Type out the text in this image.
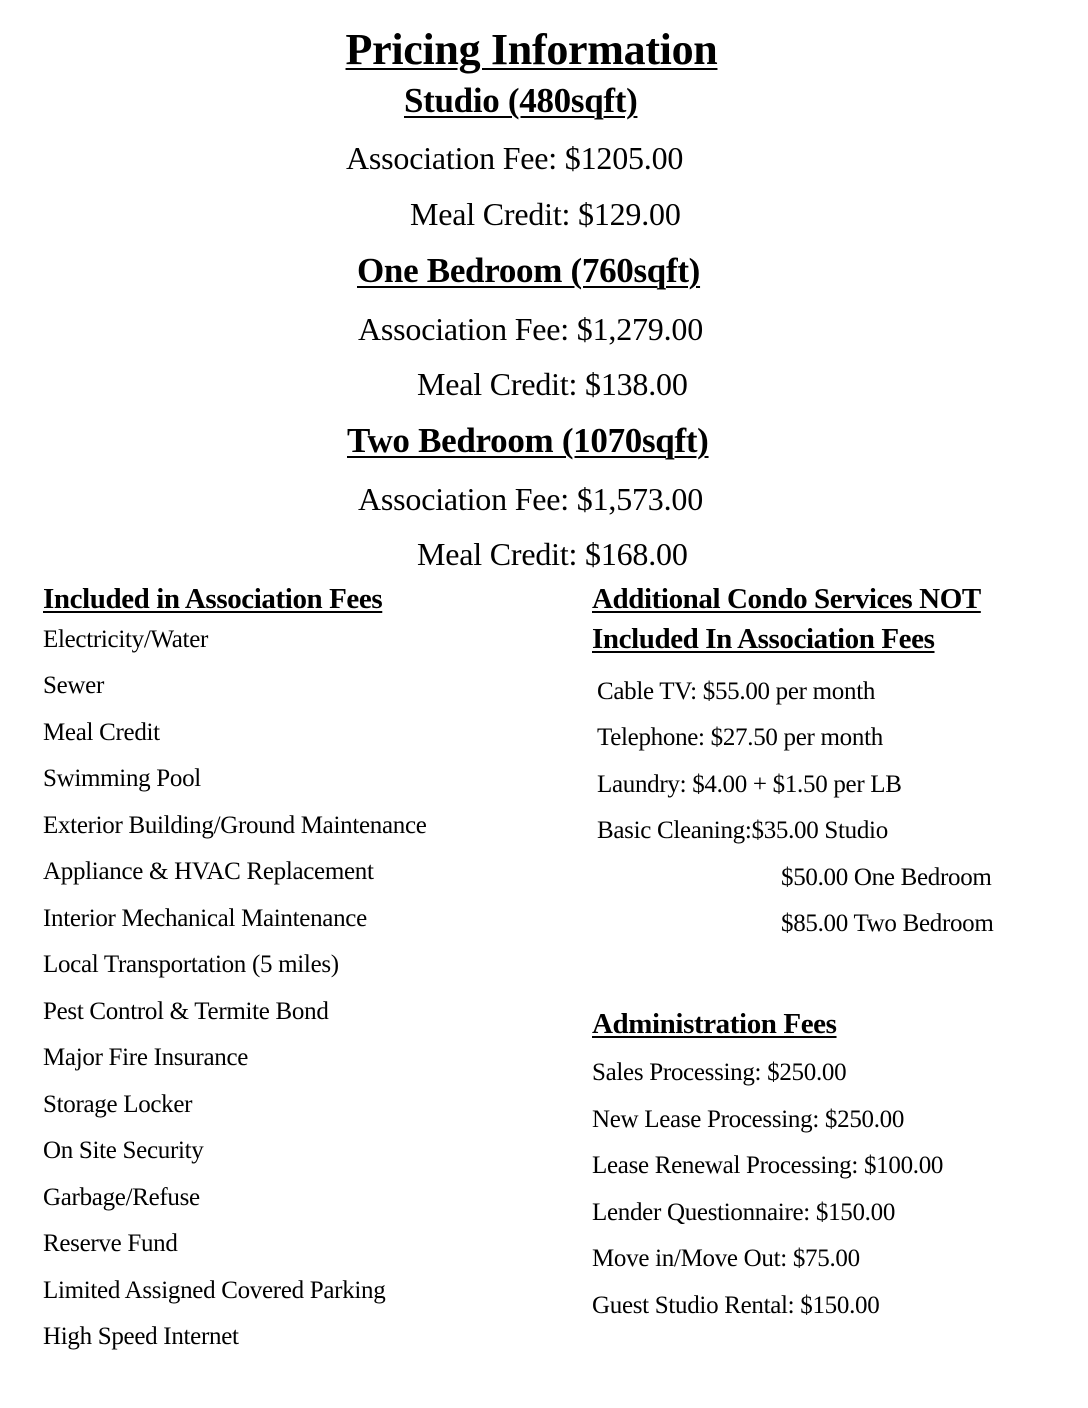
Pricing Information
Studio (480sqft)
Association Fee: $1205.00
Meal Credit: $129.00
One Bedroom (760sqft)
Association Fee: $1,279.00
Meal Credit: $138.00
Two Bedroom (1070sqft)
Association Fee: $1,573.00
Meal Credit: $168.00
Included in Association Fees
Electricity/Water
Sewer
Meal Credit
Swimming Pool
Exterior Building/Ground Maintenance
Appliance & HVAC Replacement
Interior Mechanical Maintenance
Local Transportation (5 miles)
Pest Control & Termite Bond
Major Fire Insurance
Storage Locker
On Site Security
Garbage/Refuse
Reserve Fund
Limited Assigned Covered Parking
High Speed Internet
Additional Condo Services NOT
Included In Association Fees
Cable TV: $55.00 per month
Telephone: $27.50 per month
Laundry: $4.00 + $1.50 per LB
Basic Cleaning:$35.00 Studio
$50.00 One Bedroom
$85.00 Two Bedroom
Administration Fees
Sales Processing: $250.00
New Lease Processing: $250.00
Lease Renewal Processing: $100.00
Lender Questionnaire: $150.00
Move in/Move Out: $75.00
Guest Studio Rental: $150.00
